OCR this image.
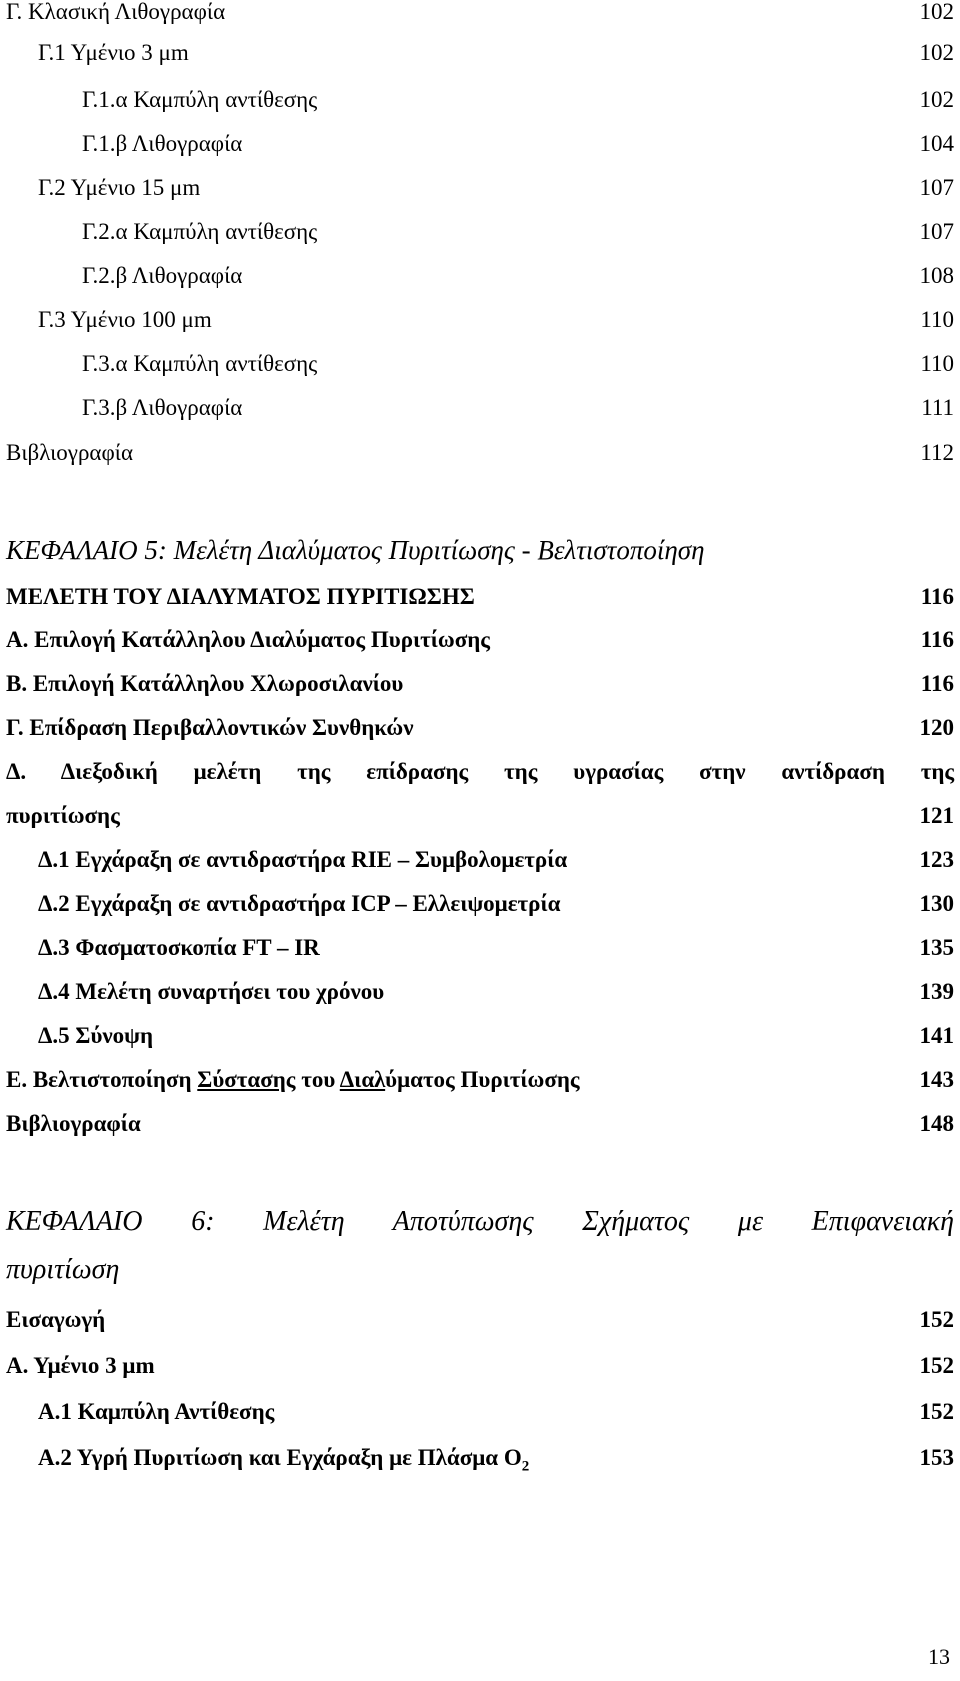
Γ. Κλασική Λιθογραφία	102
Γ.1 Υμένιο 3 μm	102
Γ.1.α Καμπύλη αντίθεσης	102
Γ.1.β Λιθογραφία	104
Γ.2 Υμένιο 15 μm	107
Γ.2.α Καμπύλη αντίθεσης	107
Γ.2.β Λιθογραφία	108
Γ.3 Υμένιο 100 μm	110
Γ.3.α Καμπύλη αντίθεσης	110
Γ.3.β Λιθογραφία	111
Βιβλιογραφία	112
ΚΕΦΑΛΑΙΟ 5: Μελέτη Διαλύματος Πυριτίωσης - Βελτιστοποίηση
ΜΕΛΕΤΗ ΤΟΥ ΔΙΑΛΥΜΑΤΟΣ ΠΥΡΙΤΙΩΣΗΣ	116
Α. Επιλογή Κατάλληλου Διαλύματος Πυριτίωσης	116
Β. Επιλογή Κατάλληλου Χλωροσιλανίου	116
Γ. Επίδραση Περιβαλλοντικών Συνθηκών	120
Δ. Διεξοδική μελέτη της επίδρασης της υγρασίας στην αντίδραση της
πυριτίωσης	121
Δ.1 Εγχάραξη σε αντιδραστήρα RIE – Συμβολομετρία	123
Δ.2 Εγχάραξη σε αντιδραστήρα ICP – Ελλειψομετρία	130
Δ.3 Φασματοσκοπία FT – IR	135
Δ.4 Μελέτη συναρτήσει του χρόνου	139
Δ.5 Σύνοψη	141
Ε. Βελτιστοποίηση Σύστασης του Διαλύματος Πυριτίωσης	143
Βιβλιογραφία	148
ΚΕΦΑΛΑΙΟ 6: Μελέτη Αποτύπωσης Σχήματος με Επιφανειακή
πυριτίωση
Εισαγωγή	152
Α. Υμένιο 3 μm	152
Α.1 Καμπύλη Αντίθεσης	152
Α.2 Υγρή Πυριτίωση και Εγχάραξη με Πλάσμα $O_2$	153
13
